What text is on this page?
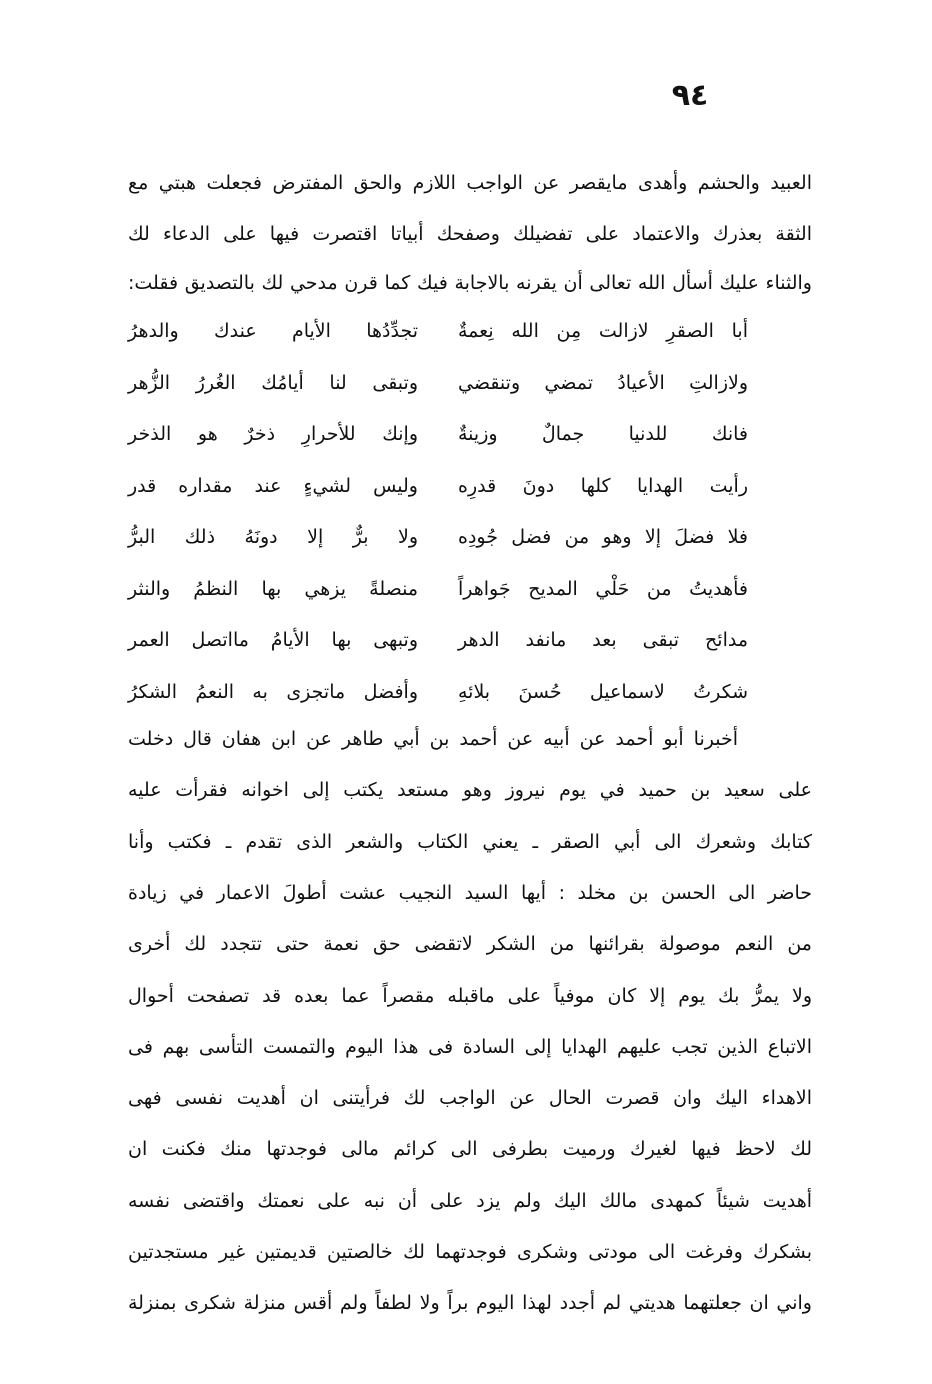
٩٤
العبيد والحشم وأهدى مايقصر عن الواجب اللازم والحق المفترض فجعلت هبتي مع
الثقة بعذرك والاعتماد على تفضيلك وصفحك أبياتا اقتصرت فيها على الدعاء لك
والثناء عليك أسأل الله تعالى أن يقرنه بالاجابة فيك كما قرن مدحي لك بالتصديق فقلت:
أبا الصقرِ لازالت مِن الله نِعمةٌ
تجدِّدُها الأيام عندك والدهرُ
ولازالتِ الأعيادُ تمضي وتنقضي
وتبقى لنا أيامُك الغُررُ الزُّهر
فانك للدنيا جمالٌ وزينةٌ
وإنك للأحرارِ ذخرٌ هو الذخر
رأيت الهدايا كلها دونَ قدرِه
وليس لشيءٍ عند مقداره قدر
فلا فضلَ إلا وهو من فضل جُودِه
ولا برٌّ إلا دونَهُ ذلك البرُّ
فأهديتُ من حَلْي المديح جَواهراً
منصلةً يزهي بها النظمُ والنثر
مدائح تبقى بعد مانفد الدهر
وتبهى بها الأيامُ مااتصل العمر
شكرتُ لاسماعيل حُسنَ بلائهِ
وأفضل ماتجزى به النعمُ الشكرُ
أخبرنا أبو أحمد عن أبيه عن أحمد بن أبي طاهر عن ابن هفان قال دخلت
على سعيد بن حميد في يوم نيروز وهو مستعد يكتب إلى اخوانه فقرأت عليه
كتابك وشعرك الى أبي الصقر ـ يعني الكتاب والشعر الذى تقدم ـ فكتب وأنا
حاضر الى الحسن بن مخلد : أيها السيد النجيب عشت أطولَ الاعمار في زيادة
من النعم موصولة بقرائنها من الشكر لاتقضى حق نعمة حتى تتجدد لك أخرى
ولا يمرُّ بك يوم إلا كان موفياً على ماقبله مقصراً عما بعده قد تصفحت أحوال
الاتباع الذين تجب عليهم الهدايا إلى السادة فى هذا اليوم والتمست التأسى بهم فى
الاهداء اليك وان قصرت الحال عن الواجب لك فرأيتنى ان أهديت نفسى فهى
لك لاحظ فيها لغيرك ورميت بطرفى الى كرائم مالى فوجدتها منك فكنت ان
أهديت شيئاً كمهدى مالك اليك ولم يزد على أن نبه على نعمتك واقتضى نفسه
بشكرك وفرغت الى مودتى وشكرى فوجدتهما لك خالصتين قديمتين غير مستجدتين
واني ان جعلتهما هديتي لم أجدد لهذا اليوم براً ولا لطفاً ولم أقس منزلة شكرى بمنزلة
